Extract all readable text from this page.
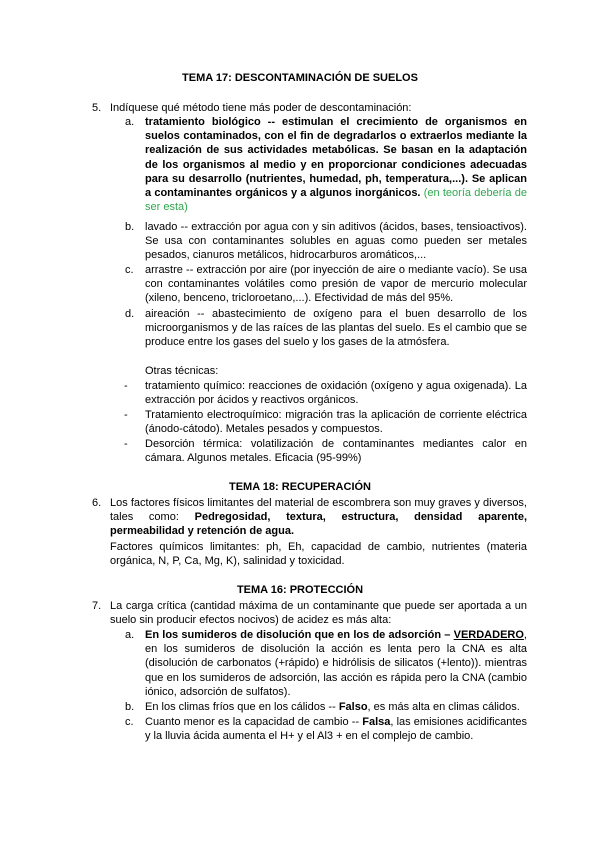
TEMA 17: DESCONTAMINACIÓN DE SUELOS
5. Indíquese qué método tiene más poder de descontaminación:
a. tratamiento biológico -- estimulan el crecimiento de organismos en suelos contaminados, con el fin de degradarlos o extraerlos mediante la realización de sus actividades metabólicas. Se basan en la adaptación de los organismos al medio y en proporcionar condiciones adecuadas para su desarrollo (nutrientes, humedad, ph, temperatura,...). Se aplican a contaminantes orgánicos y a algunos inorgánicos. (en teoría debería de ser esta)
b. lavado -- extracción por agua con y sin aditivos (ácidos, bases, tensioactivos). Se usa con contaminantes solubles en aguas como pueden ser metales pesados, cianuros metálicos, hidrocarburos aromáticos,...
c. arrastre -- extracción por aire (por inyección de aire o mediante vacío). Se usa con contaminantes volátiles como presión de vapor de mercurio molecular (xileno, benceno, tricloroetano,...). Efectividad de más del 95%.
d. aireación -- abastecimiento de oxígeno para el buen desarrollo de los microorganismos y de las raíces de las plantas del suelo. Es el cambio que se produce entre los gases del suelo y los gases de la atmósfera.
Otras técnicas:
- tratamiento químico: reacciones de oxidación (oxígeno y agua oxigenada). La extracción por ácidos y reactivos orgánicos.
- Tratamiento electroquímico: migración tras la aplicación de corriente eléctrica (ánodo-cátodo). Metales pesados y compuestos.
- Desorción térmica: volatilización de contaminantes mediantes calor en cámara. Algunos metales. Eficacia (95-99%)
TEMA 18: RECUPERACIÓN
6. Los factores físicos limitantes del material de escombrera son muy graves y diversos, tales como: Pedregosidad, textura, estructura, densidad aparente, permeabilidad y retención de agua.
Factores químicos limitantes: ph, Eh, capacidad de cambio, nutrientes (materia orgánica, N, P, Ca, Mg, K), salinidad y toxicidad.
TEMA 16: PROTECCIÓN
7. La carga crítica (cantidad máxima de un contaminante que puede ser aportada a un suelo sin producir efectos nocivos) de acidez es más alta:
a. En los sumideros de disolución que en los de adsorción – VERDADERO, en los sumideros de disolución la acción es lenta pero la CNA es alta (disolución de carbonatos (+rápido) e hidrólisis de silicatos (+lento)). mientras que en los sumideros de adsorción, las acción es rápida pero la CNA (cambio iónico, adsorción de sulfatos).
b. En los climas fríos que en los cálidos -- Falso, es más alta en climas cálidos.
c. Cuanto menor es la capacidad de cambio -- Falsa, las emisiones acidificantes y la lluvia ácida aumenta el H+ y el Al3 + en el complejo de cambio.
